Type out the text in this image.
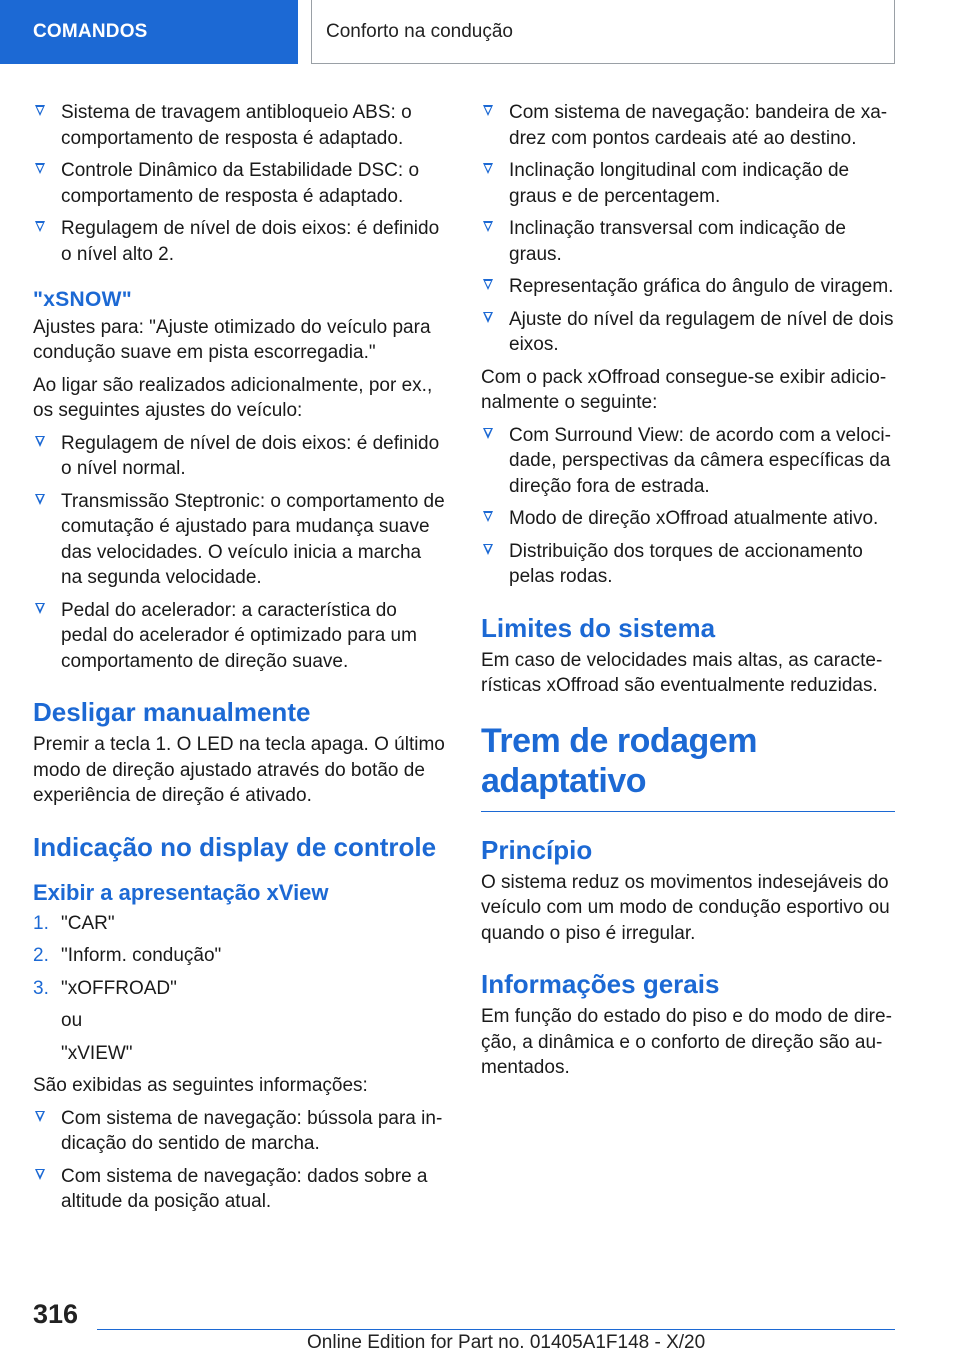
COMANDOS	Conforto na condução
Sistema de travagem antibloqueio ABS: o comportamento de resposta é adaptado.
Controle Dinâmico da Estabilidade DSC: o comportamento de resposta é adaptado.
Regulagem de nível de dois eixos: é definido o nível alto 2.
"xSNOW"

Ajustes para: "Ajuste otimizado do veículo para condução suave em pista escorregadia."

Ao ligar são realizados adicionalmente, por ex., os seguintes ajustes do veículo:

Regulagem de nível de dois eixos: é definido o nível normal.
Transmissão Steptronic: o comportamento de comutação é ajustado para mudança suave das velocidades. O veículo inicia a marcha na segunda velocidade.
Pedal do acelerador: a característica do pedal do acelerador é optimizado para um comportamento de direção suave.
Desligar manualmente

Premir a tecla 1. O LED na tecla apaga. O último modo de direção ajustado através do botão de experiência de direção é ativado.

Indicação no display de controle
Exibir a apresentação xView
1. "CAR"
2. "Inform. condução"
3. "xOFFROAD"
ou
"xVIEW"

São exibidas as seguintes informações:

Com sistema de navegação: bússola para indicação do sentido de marcha.
Com sistema de navegação: dados sobre a altitude da posição atual.
Com sistema de navegação: bandeira de xadrez com pontos cardeais até ao destino.
Inclinação longitudinal com indicação de graus e de percentagem.
Inclinação transversal com indicação de graus.
Representação gráfica do ângulo de viragem.
Ajuste do nível da regulagem de nível de dois eixos.

Com o pack xOffroad consegue-se exibir adicionalmente o seguinte:

Com Surround View: de acordo com a velocidade, perspectivas da câmera específicas da direção fora de estrada.
Modo de direção xOffroad atualmente ativo.
Distribuição dos torques de accionamento pelas rodas.
Limites do sistema

Em caso de velocidades mais altas, as características xOffroad são eventualmente reduzidas.

Trem de rodagem adaptativo
Princípio

O sistema reduz os movimentos indesejáveis do veículo com um modo de condução esportivo ou quando o piso é irregular.

Informações gerais

Em função do estado do piso e do modo de direção, a dinâmica e o conforto de direção são aumentados.

316
Online Edition for Part no. 01405A1F148 - X/20
